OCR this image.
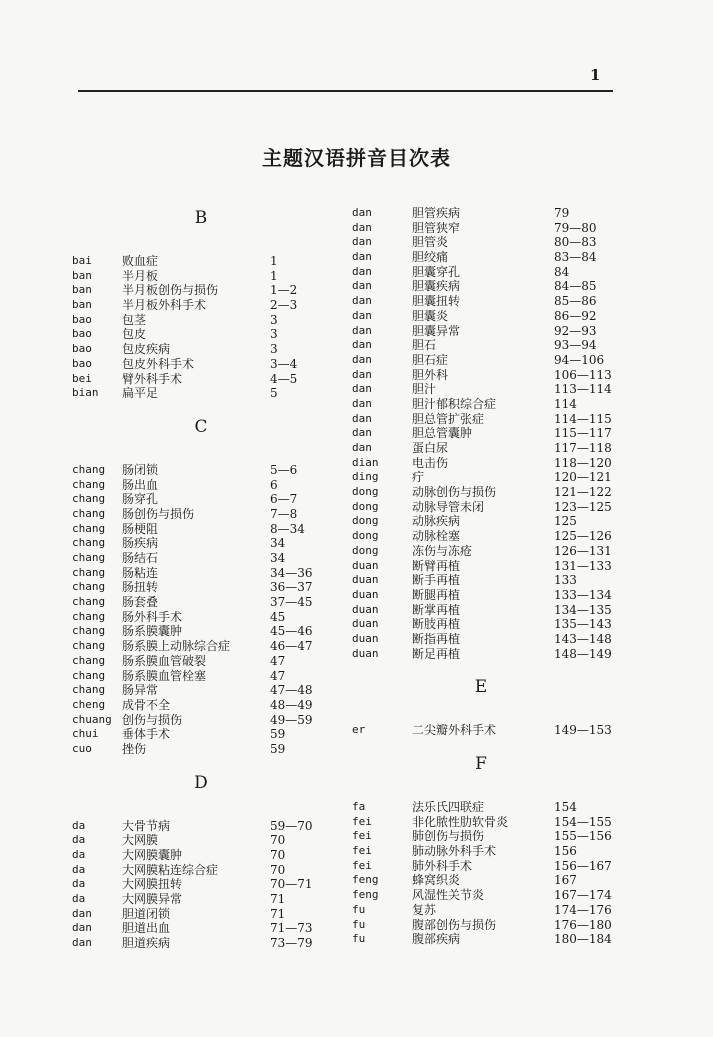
1
主题汉语拼音目次表
B
bai	败血症	1
ban	半月板	1
ban	半月板创伤与损伤	1—2
ban	半月板外科手术	2—3
bao	包茎	3
bao	包皮	3
bao	包皮疾病	3
bao	包皮外科手术	3—4
bei	臂外科手术	4—5
bian	扁平足	5
C
chang	肠闭锁	5—6
chang	肠出血	6
chang	肠穿孔	6—7
chang	肠创伤与损伤	7—8
chang	肠梗阻	8—34
chang	肠疾病	34
chang	肠结石	34
chang	肠粘连	34—36
chang	肠扭转	36—37
chang	肠套叠	37—45
chang	肠外科手术	45
chang	肠系膜囊肿	45—46
chang	肠系膜上动脉综合症	46—47
chang	肠系膜血管破裂	47
chang	肠系膜血管栓塞	47
chang	肠异常	47—48
cheng	成骨不全	48—49
chuang 创伤与损伤	49—59
chui	垂体手术	59
cuo	挫伤	59
D
da	大骨节病	59—70
da	大网膜	70
da	大网膜囊肿	70
da	大网膜粘连综合症	70
da	大网膜扭转	70—71
da	大网膜异常	71
dan	胆道闭锁	71
dan	胆道出血	71—73
dan	胆道疾病	73—79
dan	胆管疾病	79
dan	胆管狭窄	79—80
dan	胆管炎	80—83
dan	胆绞痛	83—84
dan	胆囊穿孔	84
dan	胆囊疾病	84—85
dan	胆囊扭转	85—86
dan	胆囊炎	86—92
dan	胆囊异常	92—93
dan	胆石	93—94
dan	胆石症	94—106
dan	胆外科	106—113
dan	胆汁	113—114
dan	胆汁郁积综合症	114
dan	胆总管扩张症	114—115
dan	胆总管囊肿	115—117
dan	蛋白尿	117—118
dian	电击伤	118—120
ding	疔	120—121
dong	动脉创伤与损伤	121—122
dong	动脉导管未闭	123—125
dong	动脉疾病	125
dong	动脉栓塞	125—126
dong	冻伤与冻疮	126—131
duan	断臂再植	131—133
duan	断手再植	133
duan	断腿再植	133—134
duan	断掌再植	134—135
duan	断肢再植	135—143
duan	断指再植	143—148
duan	断足再植	148—149
E
er	二尖瓣外科手术	149—153
F
fa	法乐氏四联症	154
fei	非化脓性肋软骨炎	154—155
fei	肺创伤与损伤	155—156
fei	肺动脉外科手术	156
fei	肺外科手术	156—167
feng	蜂窝织炎	167
feng	风湿性关节炎	167—174
fu	复苏	174—176
fu	腹部创伤与损伤	176—180
fu	腹部疾病	180—184
